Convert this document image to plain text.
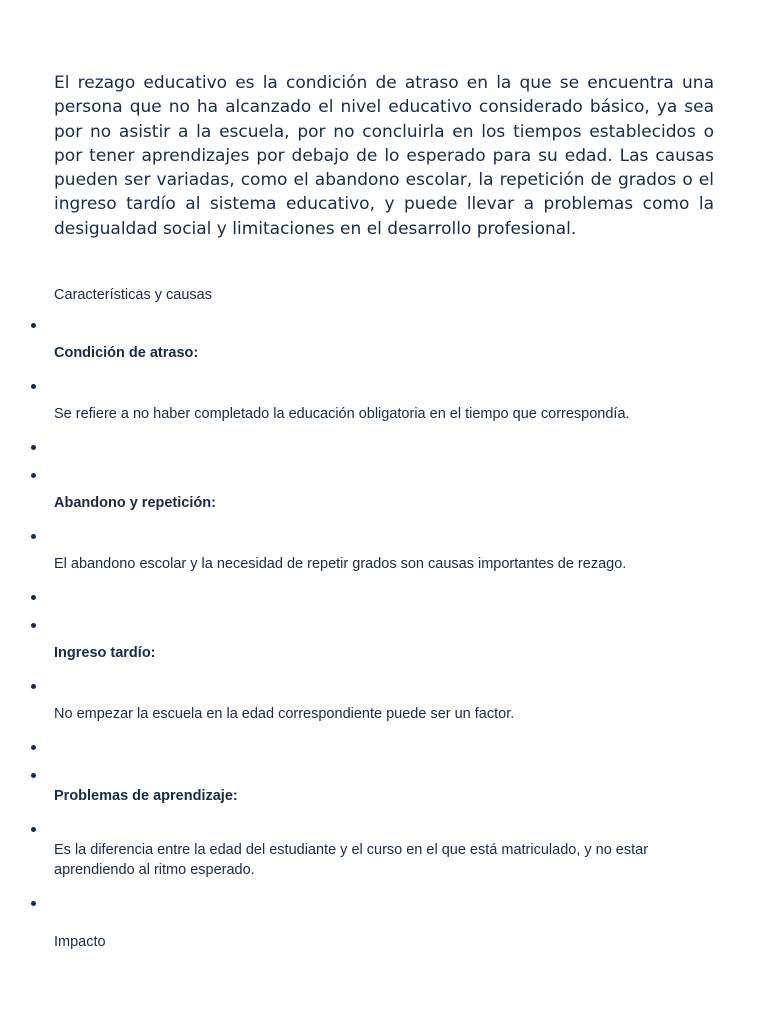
El rezago educativo es la condición de atraso en la que se encuentra una persona que no ha alcanzado el nivel educativo considerado básico, ya sea por no asistir a la escuela, por no concluirla en los tiempos establecidos o por tener aprendizajes por debajo de lo esperado para su edad. Las causas pueden ser variadas, como el abandono escolar, la repetición de grados o el ingreso tardío al sistema educativo, y puede llevar a problemas como la desigualdad social y limitaciones en el desarrollo profesional.

Características y causas

Condición de atraso:

Se refiere a no haber completado la educación obligatoria en el tiempo que correspondía.

Abandono y repetición:

El abandono escolar y la necesidad de repetir grados son causas importantes de rezago.

Ingreso tardío:

No empezar la escuela en la edad correspondiente puede ser un factor.

Problemas de aprendizaje:

Es la diferencia entre la edad del estudiante y el curso en el que está matriculado, y no estar aprendiendo al ritmo esperado.

Impacto
